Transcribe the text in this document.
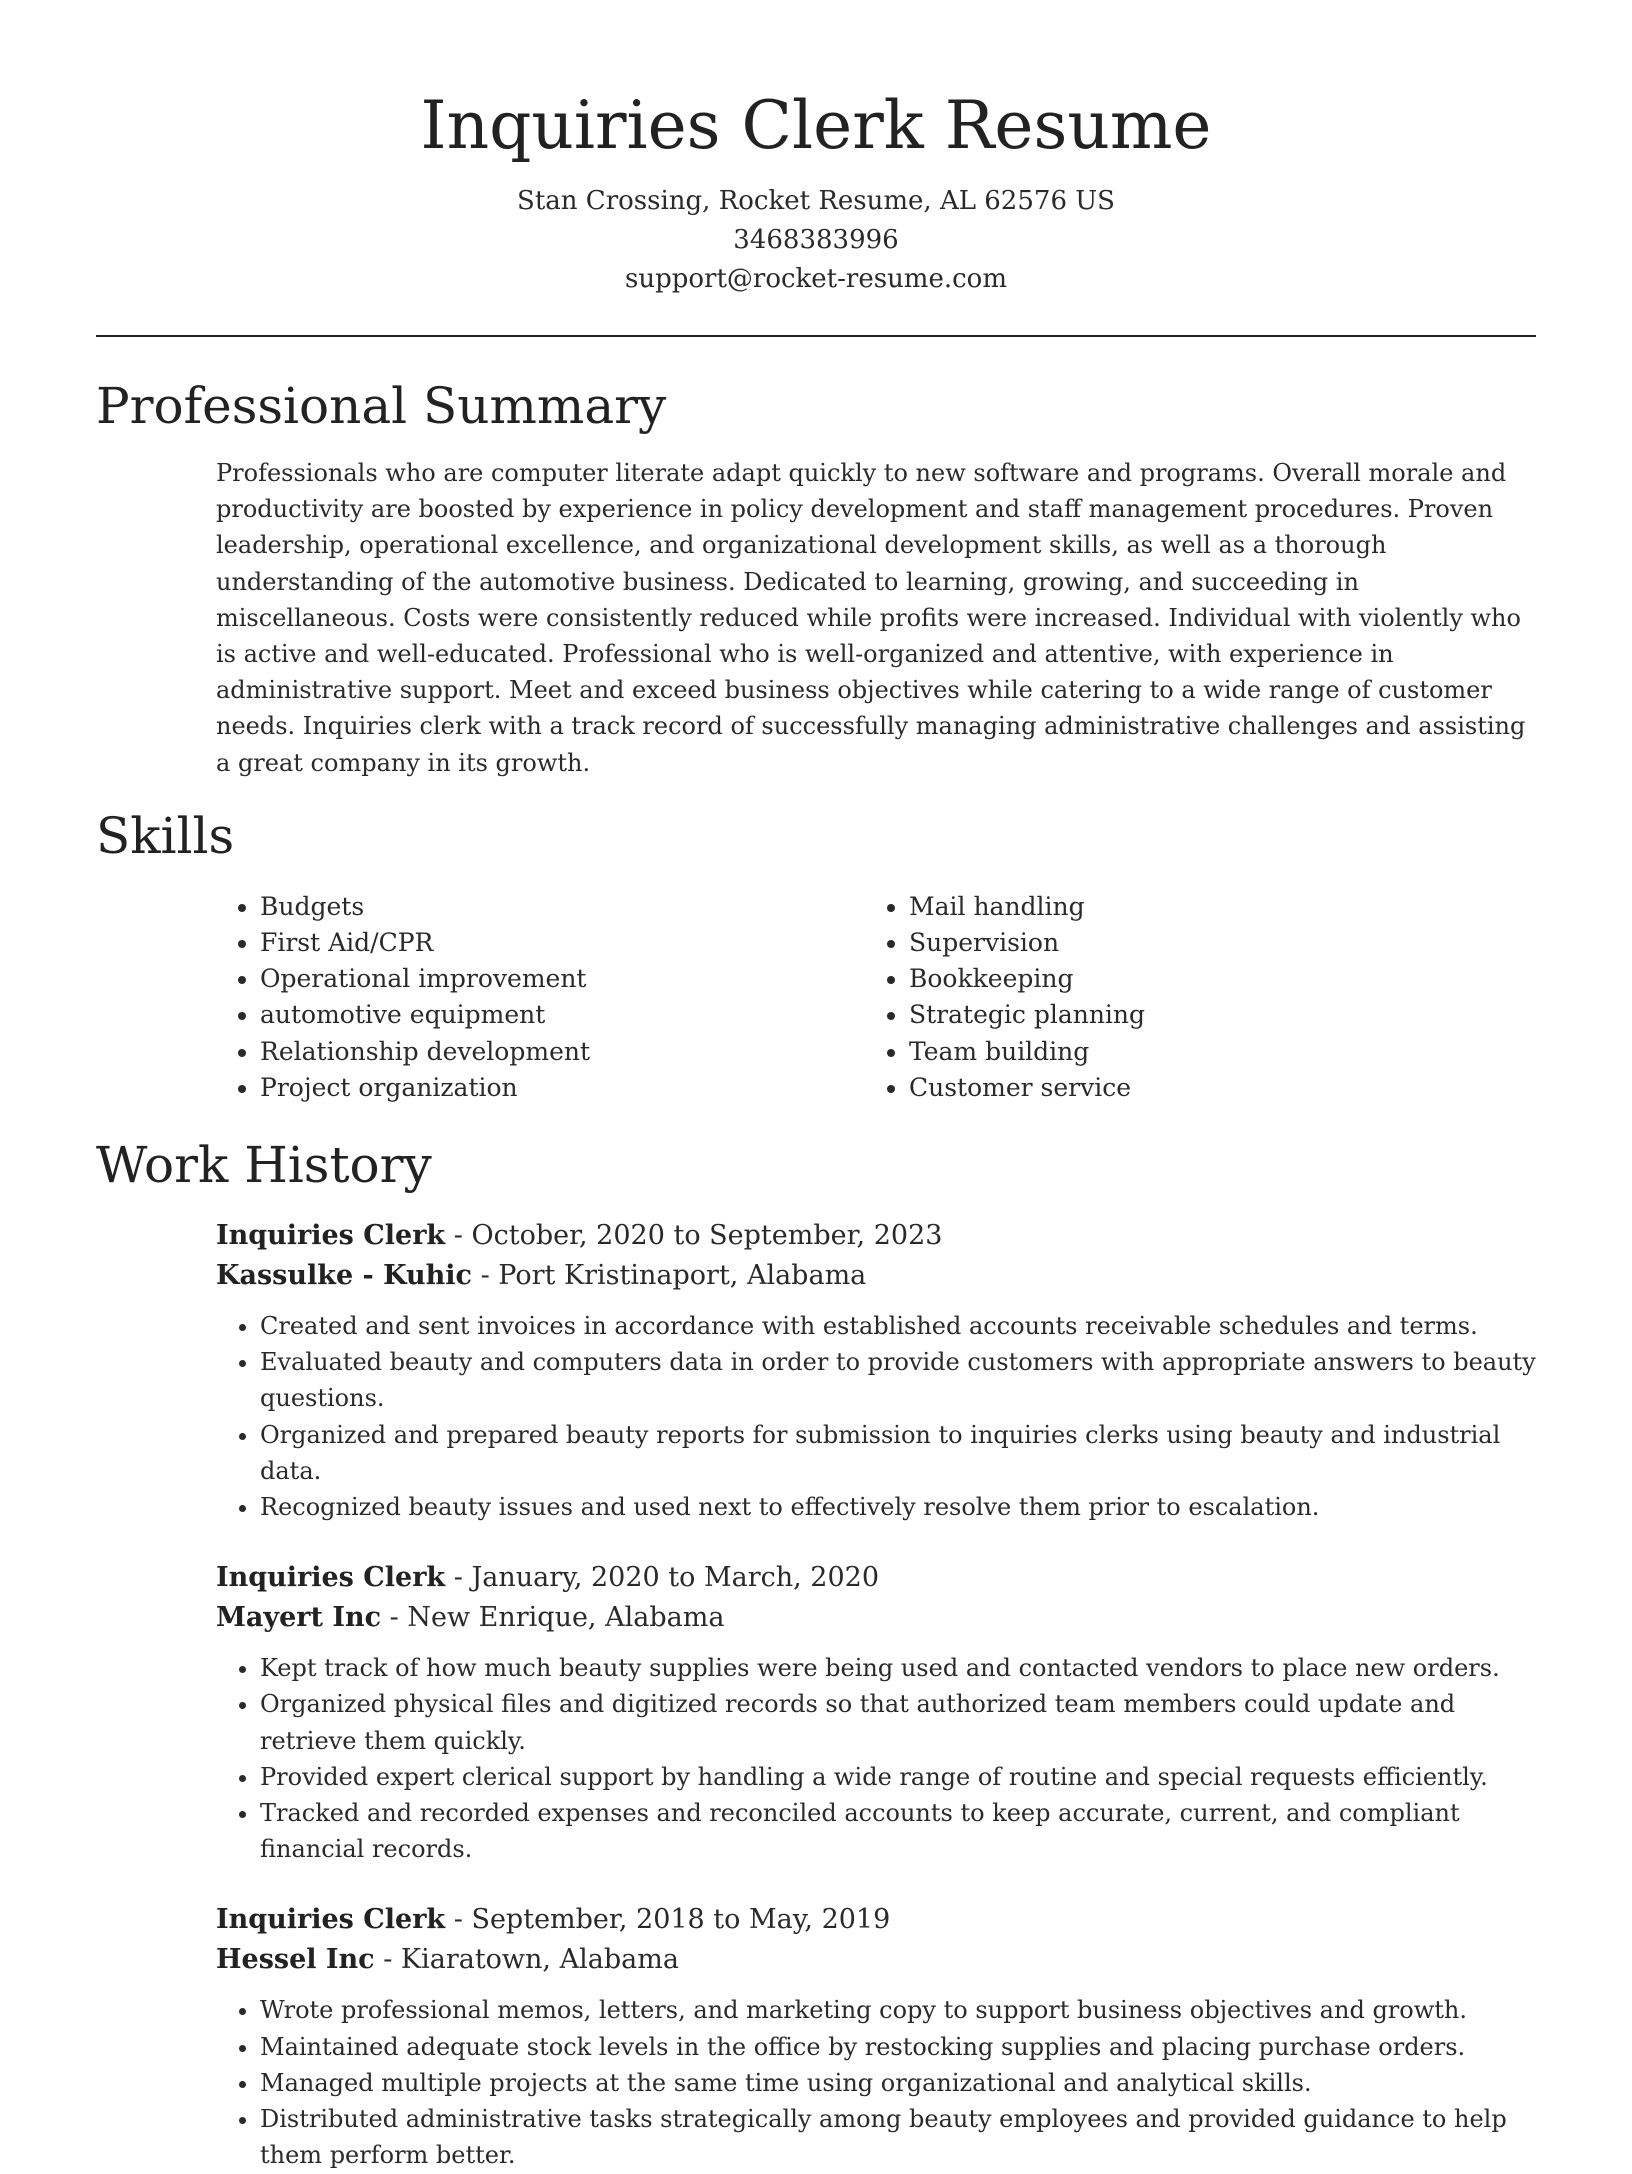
Inquiries Clerk Resume
Stan Crossing, Rocket Resume, AL 62576 US
3468383996
support@rocket-resume.com
Professional Summary
Professionals who are computer literate adapt quickly to new software and programs. Overall morale and productivity are boosted by experience in policy development and staff management procedures. Proven leadership, operational excellence, and organizational development skills, as well as a thorough understanding of the automotive business. Dedicated to learning, growing, and succeeding in miscellaneous. Costs were consistently reduced while profits were increased. Individual with violently who is active and well-educated. Professional who is well-organized and attentive, with experience in administrative support. Meet and exceed business objectives while catering to a wide range of customer needs. Inquiries clerk with a track record of successfully managing administrative challenges and assisting a great company in its growth.
Skills
• Budgets
• First Aid/CPR
• Operational improvement
• automotive equipment
• Relationship development
• Project organization
• Mail handling
• Supervision
• Bookkeeping
• Strategic planning
• Team building
• Customer service
Work History
Inquiries Clerk - October, 2020 to September, 2023
Kassulke - Kuhic - Port Kristinaport, Alabama
• Created and sent invoices in accordance with established accounts receivable schedules and terms.
• Evaluated beauty and computers data in order to provide customers with appropriate answers to beauty questions.
• Organized and prepared beauty reports for submission to inquiries clerks using beauty and industrial data.
• Recognized beauty issues and used next to effectively resolve them prior to escalation.
Inquiries Clerk - January, 2020 to March, 2020
Mayert Inc - New Enrique, Alabama
• Kept track of how much beauty supplies were being used and contacted vendors to place new orders.
• Organized physical files and digitized records so that authorized team members could update and retrieve them quickly.
• Provided expert clerical support by handling a wide range of routine and special requests efficiently.
• Tracked and recorded expenses and reconciled accounts to keep accurate, current, and compliant financial records.
Inquiries Clerk - September, 2018 to May, 2019
Hessel Inc - Kiaratown, Alabama
• Wrote professional memos, letters, and marketing copy to support business objectives and growth.
• Maintained adequate stock levels in the office by restocking supplies and placing purchase orders.
• Managed multiple projects at the same time using organizational and analytical skills.
• Distributed administrative tasks strategically among beauty employees and provided guidance to help them perform better.
